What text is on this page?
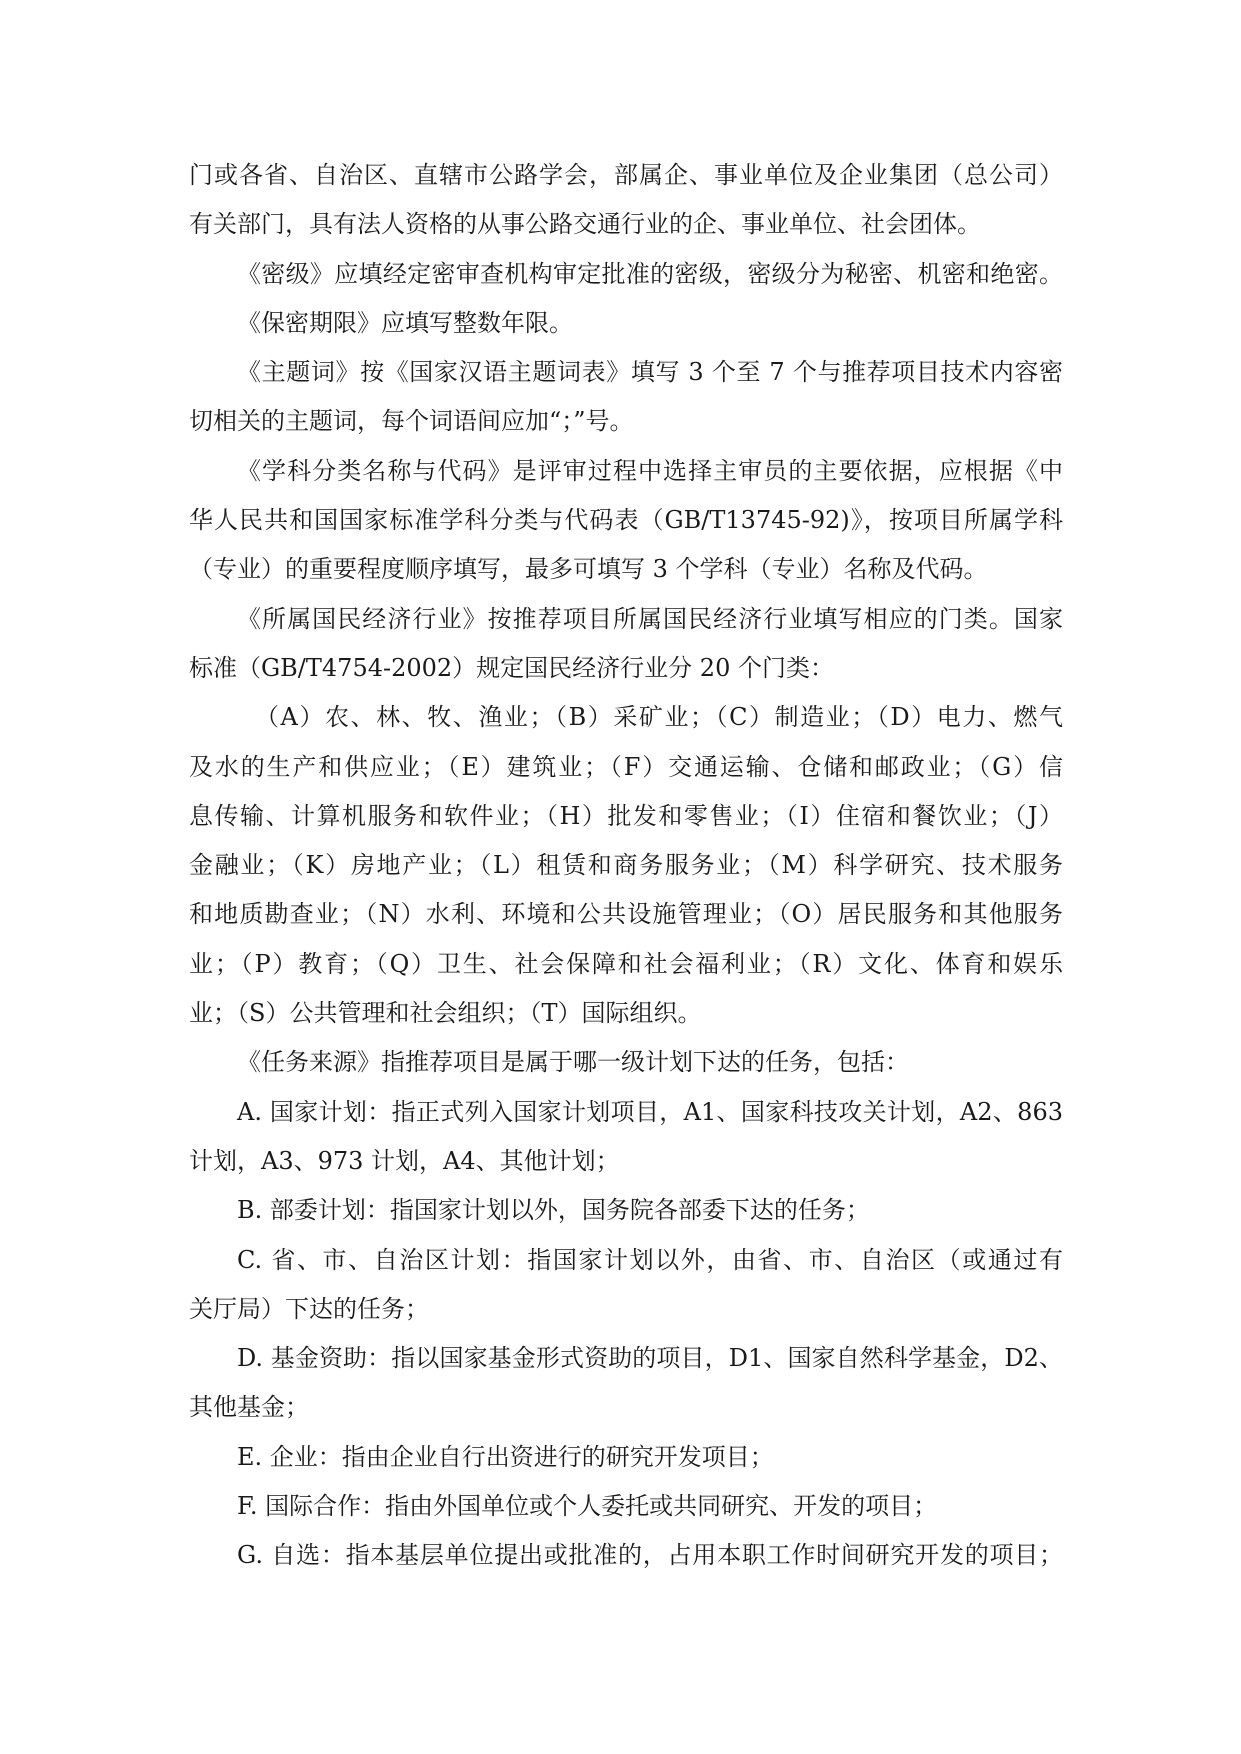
门或各省、自治区、直辖市公路学会，部属企、事业单位及企业集团（总公司）
有关部门，具有法人资格的从事公路交通行业的企、事业单位、社会团体。
《密级》应填经定密审查机构审定批准的密级，密级分为秘密、机密和绝密。
《保密期限》应填写整数年限。
《主题词》按《国家汉语主题词表》填写 3 个至 7 个与推荐项目技术内容密
切相关的主题词，每个词语间应加“；”号。
《学科分类名称与代码》是评审过程中选择主审员的主要依据，应根据《中
华人民共和国国家标准学科分类与代码表（GB/T13745-92)》，按项目所属学科
（专业）的重要程度顺序填写，最多可填写 3 个学科（专业）名称及代码。
《所属国民经济行业》按推荐项目所属国民经济行业填写相应的门类。国家
标准（GB/T4754-2002）规定国民经济行业分 20 个门类：
（A）农、林、牧、渔业；（B）采矿业；（C）制造业；（D）电力、燃气
及水的生产和供应业；（E）建筑业；（F）交通运输、仓储和邮政业；（G）信
息传输、计算机服务和软件业；（H）批发和零售业；（I）住宿和餐饮业；（J）
金融业；（K）房地产业；（L）租赁和商务服务业；（M）科学研究、技术服务
和地质勘查业；（N）水利、环境和公共设施管理业；（O）居民服务和其他服务
业；（P）教育；（Q）卫生、社会保障和社会福利业；（R）文化、体育和娱乐
业；（S）公共管理和社会组织；（T）国际组织。
《任务来源》指推荐项目是属于哪一级计划下达的任务，包括：
A. 国家计划：指正式列入国家计划项目，A1、国家科技攻关计划，A2、863
计划，A3、973 计划，A4、其他计划；
B. 部委计划：指国家计划以外，国务院各部委下达的任务；
C. 省、市、自治区计划：指国家计划以外，由省、市、自治区（或通过有
关厅局）下达的任务；
D. 基金资助：指以国家基金形式资助的项目，D1、国家自然科学基金，D2、
其他基金；
E. 企业：指由企业自行出资进行的研究开发项目；
F. 国际合作：指由外国单位或个人委托或共同研究、开发的项目；
G. 自选：指本基层单位提出或批准的，占用本职工作时间研究开发的项目；
